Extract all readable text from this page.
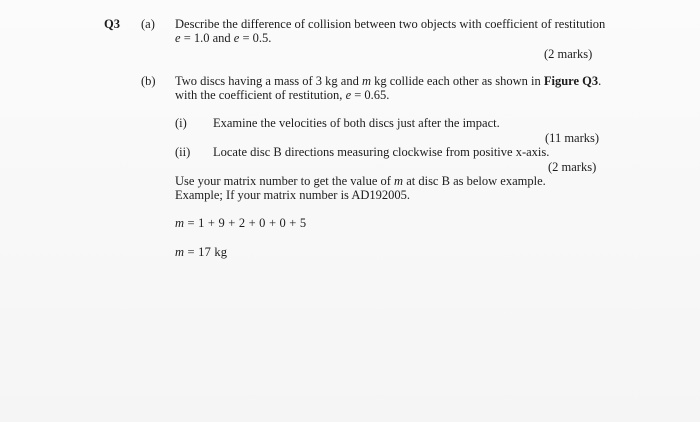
Q3 (a) Describe the difference of collision between two objects with coefficient of restitution
e = 1.0 and e = 0.5.
(2 marks)
(b) Two discs having a mass of 3 kg and m kg collide each other as shown in Figure Q3.
with the coefficient of restitution, e = 0.65.
(i) Examine the velocities of both discs just after the impact.
(11 marks)
(ii) Locate disc B directions measuring clockwise from positive x-axis.
(2 marks)
Use your matrix number to get the value of m at disc B as below example.
Example; If your matrix number is AD192005.
m = 1 + 9 + 2 + 0 + 0 + 5
m = 17 kg
